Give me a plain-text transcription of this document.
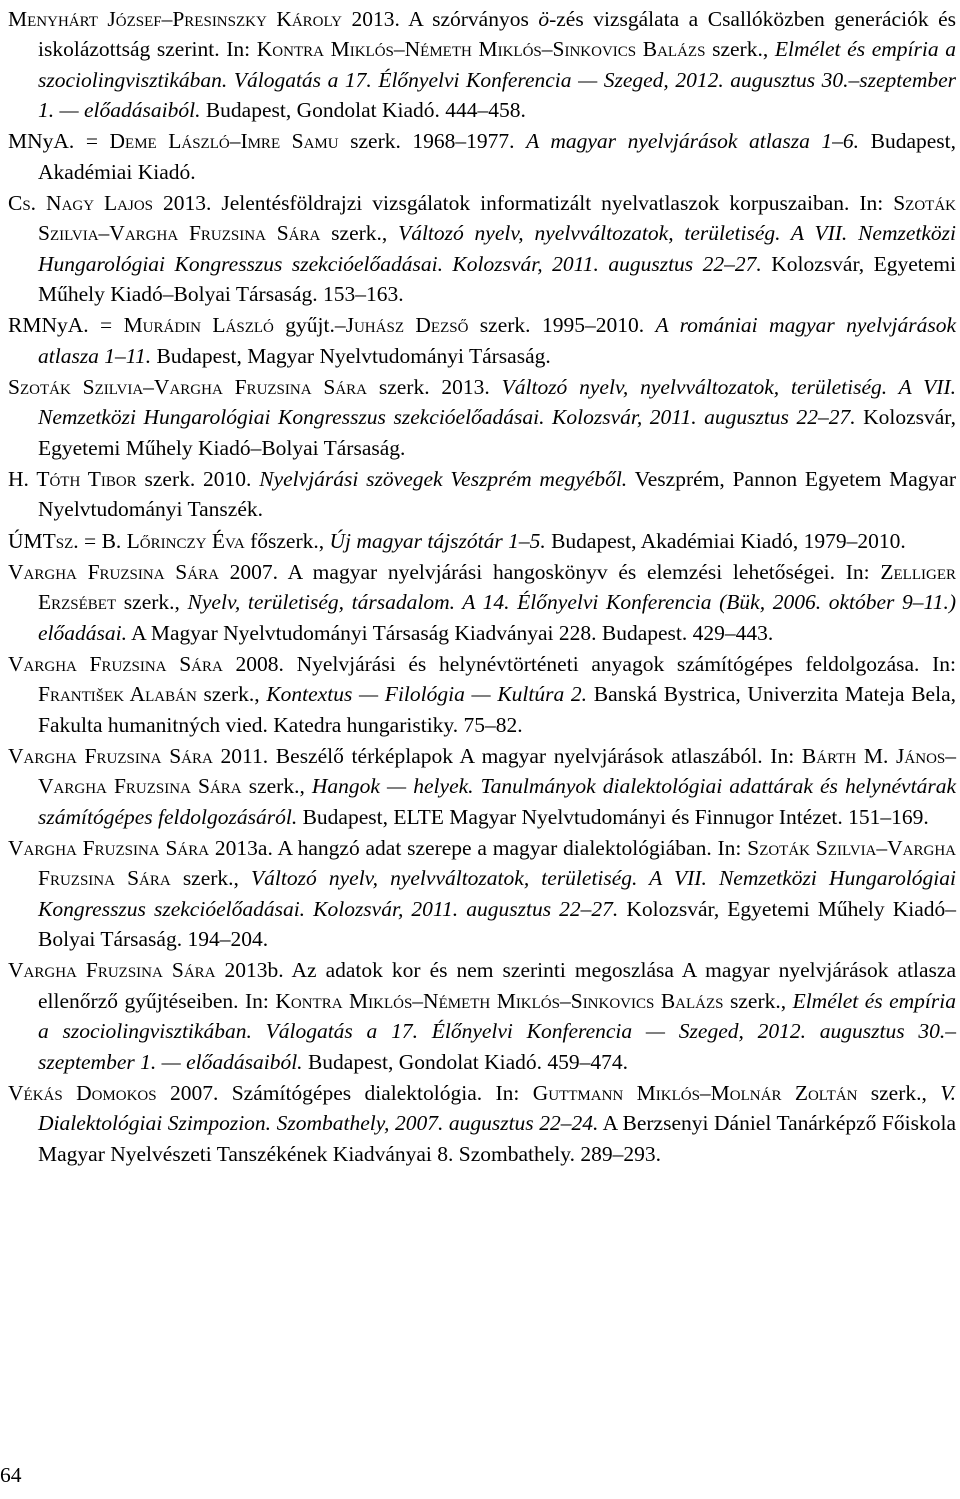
Menyhárt József–Presinszky Károly 2013. A szórványos ö-zés vizsgálata a Csallóközben generációk és iskolázottság szerint. In: Kontra Miklós–Németh Miklós–Sinkovics Balázs szerk., Elmélet és empíria a szociolingvisztikában. Válogatás a 17. Élőnyelvi Konferencia — Szeged, 2012. augusztus 30.–szeptember 1. — előadásaiból. Budapest, Gondolat Kiadó. 444–458.

MNyA. = Deme László–Imre Samu szerk. 1968–1977. A magyar nyelvjárások atlasza 1–6. Budapest, Akadémiai Kiadó.

Cs. Nagy Lajos 2013. Jelentésföldrajzi vizsgálatok informatizált nyelvatlaszok korpuszaiban. In: Szoták Szilvia–Vargha Fruzsina Sára szerk., Változó nyelv, nyelvváltozatok, területiség. A VII. Nemzetközi Hungarológiai Kongresszus szekcióelőadásai. Kolozsvár, 2011. augusztus 22–27. Kolozsvár, Egyetemi Műhely Kiadó–Bolyai Társaság. 153–163.

RMNyA. = Murádin László gyűjt.–Juhász Dezső szerk. 1995–2010. A romániai magyar nyelvjárások atlasza 1–11. Budapest, Magyar Nyelvtudományi Társaság.

Szoták Szilvia–Vargha Fruzsina Sára szerk. 2013. Változó nyelv, nyelvváltozatok, területiség. A VII. Nemzetközi Hungarológiai Kongresszus szekcióelőadásai. Kolozsvár, 2011. augusztus 22–27. Kolozsvár, Egyetemi Műhely Kiadó–Bolyai Társaság.

H. Tóth Tibor szerk. 2010. Nyelvjárási szövegek Veszprém megyéből. Veszprém, Pannon Egyetem Magyar Nyelvtudományi Tanszék.

ÚMTsz. = B. Lőrinczy Éva főszerk., Új magyar tájszótár 1–5. Budapest, Akadémiai Kiadó, 1979–2010.

Vargha Fruzsina Sára 2007. A magyar nyelvjárási hangoskönyv és elemzési lehetőségei. In: Zelliger Erzsébet szerk., Nyelv, területiség, társadalom. A 14. Élőnyelvi Konferencia (Bük, 2006. október 9–11.) előadásai. A Magyar Nyelvtudományi Társaság Kiadványai 228. Budapest. 429–443.

Vargha Fruzsina Sára 2008. Nyelvjárási és helynévtörténeti anyagok számítógépes feldolgozása. In: František Alabán szerk., Kontextus — Filológia — Kultúra 2. Banská Bystrica, Univerzita Mateja Bela, Fakulta humanitných vied. Katedra hungaristiky. 75–82.

Vargha Fruzsina Sára 2011. Beszélő térképlapok A magyar nyelvjárások atlaszából. In: Bárth M. János–Vargha Fruzsina Sára szerk., Hangok — helyek. Tanulmányok dialektológiai adattárak és helynévtárak számítógépes feldolgozásáról. Budapest, ELTE Magyar Nyelvtudományi és Finnugor Intézet. 151–169.

Vargha Fruzsina Sára 2013a. A hangzó adat szerepe a magyar dialektológiában. In: Szoták Szilvia–Vargha Fruzsina Sára szerk., Változó nyelv, nyelvváltozatok, területiség. A VII. Nemzetközi Hungarológiai Kongresszus szekcióelőadásai. Kolozsvár, 2011. augusztus 22–27. Kolozsvár, Egyetemi Műhely Kiadó–Bolyai Társaság. 194–204.

Vargha Fruzsina Sára 2013b. Az adatok kor és nem szerinti megoszlása A magyar nyelvjárások atlasza ellenőrző gyűjtéseiben. In: Kontra Miklós–Németh Miklós–Sinkovics Balázs szerk., Elmélet és empíria a szociolingvisztikában. Válogatás a 17. Élőnyelvi Konferencia — Szeged, 2012. augusztus 30.–szeptember 1. — előadásaiból. Budapest, Gondolat Kiadó. 459–474.

Vékás Domokos 2007. Számítógépes dialektológia. In: Guttmann Miklós–Molnár Zoltán szerk., V. Dialektológiai Szimpozion. Szombathely, 2007. augusztus 22–24. A Berzsenyi Dániel Tanárképző Főiskola Magyar Nyelvészeti Tanszékének Kiadványai 8. Szombathely. 289–293.

64
